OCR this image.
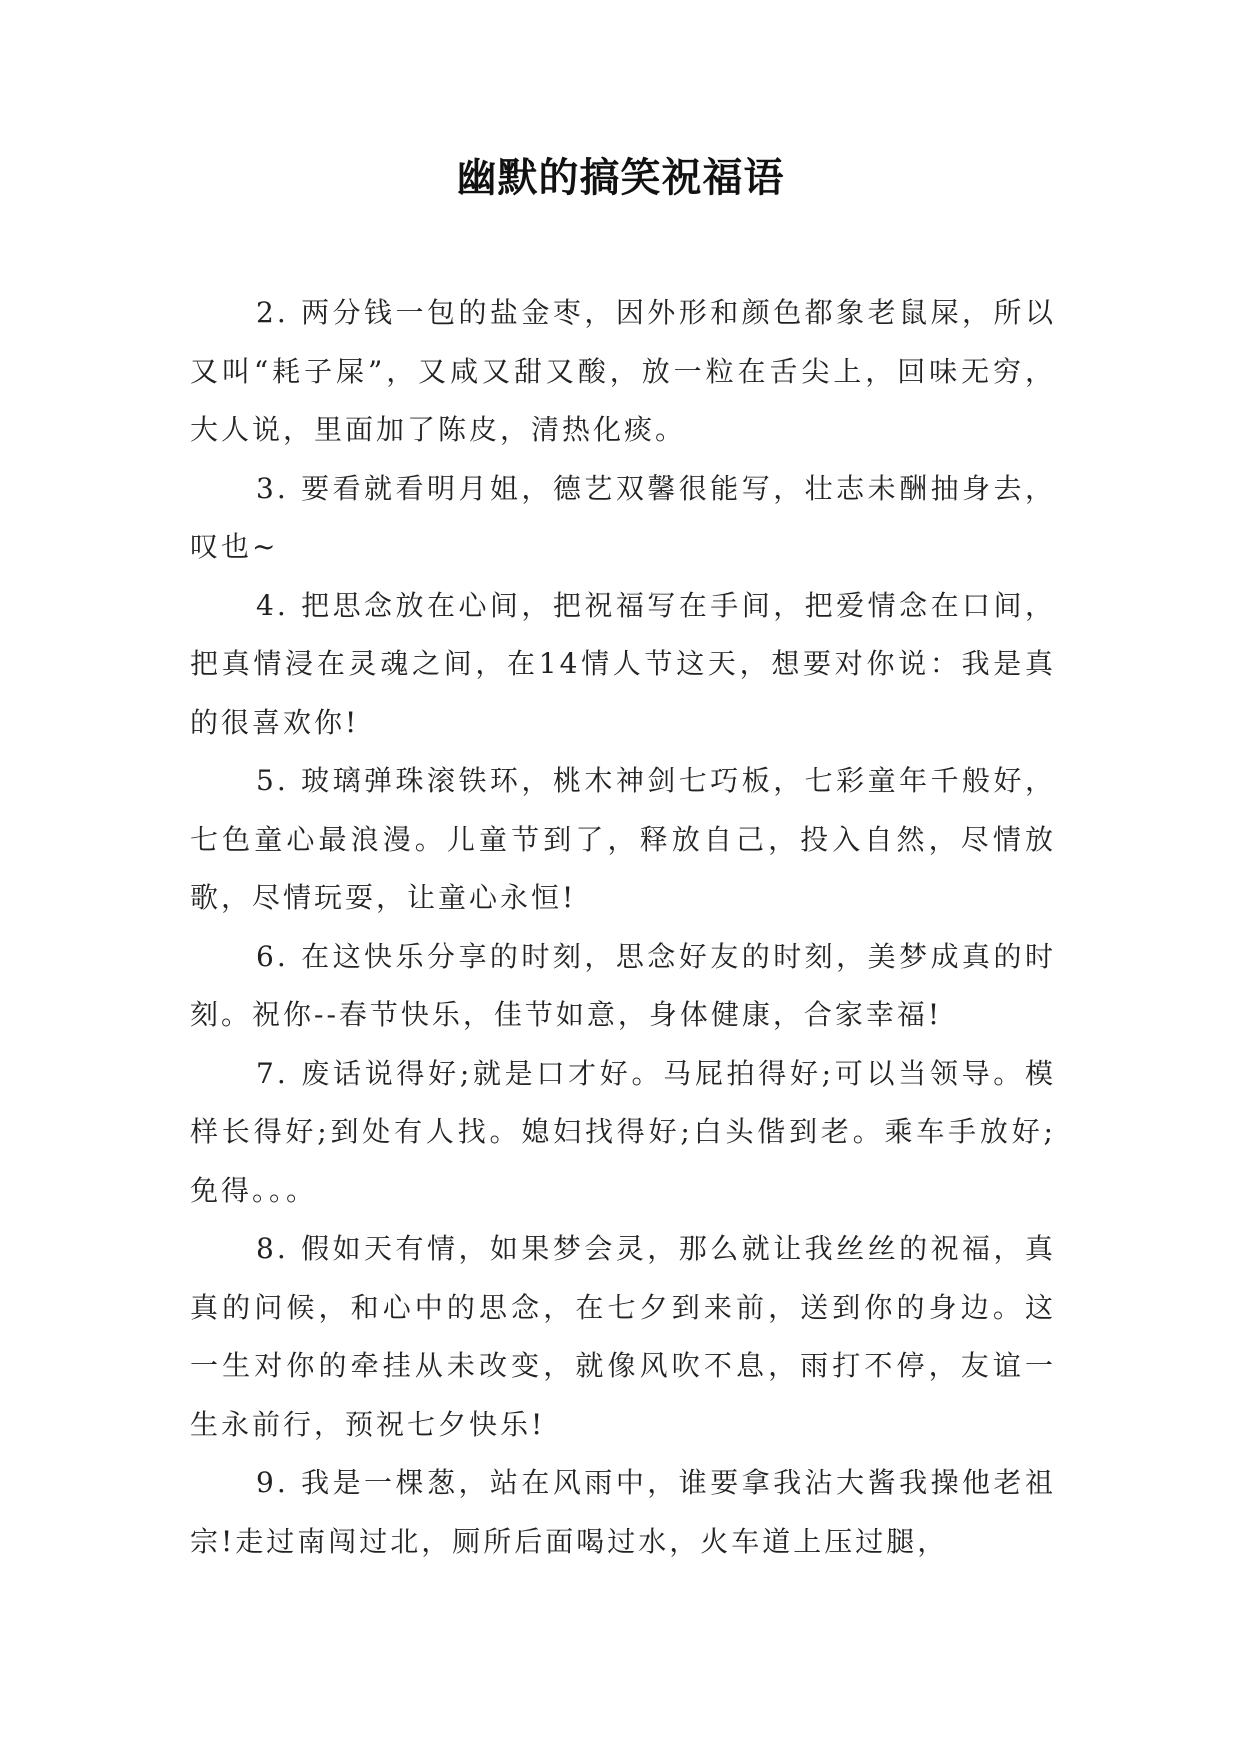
幽默的搞笑祝福语

2. 两分钱一包的盐金枣，因外形和颜色都象老鼠屎，所以又叫“耗子屎”，又咸又甜又酸，放一粒在舌尖上，回味无穷，大人说，里面加了陈皮，清热化痰。

3. 要看就看明月姐，德艺双馨很能写，壮志未酬抽身去，叹也~

4. 把思念放在心间，把祝福写在手间，把爱情念在口间，把真情浸在灵魂之间，在14情人节这天，想要对你说：我是真的很喜欢你!

5. 玻璃弹珠滚铁环，桃木神剑七巧板，七彩童年千般好，七色童心最浪漫。儿童节到了，释放自己，投入自然，尽情放歌，尽情玩耍，让童心永恒!

6. 在这快乐分享的时刻，思念好友的时刻，美梦成真的时刻。祝你--春节快乐，佳节如意，身体健康，合家幸福!

7. 废话说得好;就是口才好。马屁拍得好;可以当领导。模样长得好;到处有人找。媳妇找得好;白头偕到老。乘车手放好;免得。。。

8. 假如天有情，如果梦会灵，那么就让我丝丝的祝福，真真的问候，和心中的思念，在七夕到来前，送到你的身边。这一生对你的牵挂从未改变，就像风吹不息，雨打不停，友谊一生永前行，预祝七夕快乐!

9. 我是一棵葱，站在风雨中，谁要拿我沾大酱我操他老祖宗!走过南闯过北，厕所后面喝过水，火车道上压过腿，
